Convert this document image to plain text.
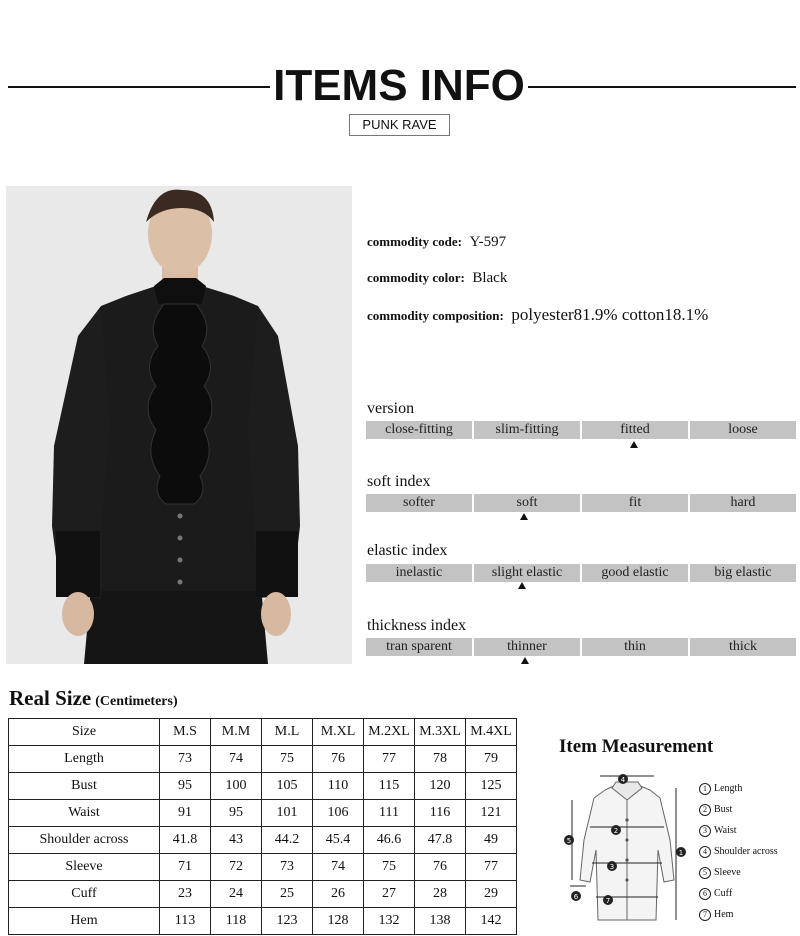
ITEMS INFO
PUNK RAVE
commodity code: Y-597
commodity color: Black
commodity composition: polyester81.9% cotton18.1%
version
close-fitting	slim-fitting	fitted	loose
soft index
softer	soft	fit	hard
elastic index
inelastic	slight elastic	good elastic	big elastic
thickness index
tran sparent	thinner	thin	thick
Real Size (Centimeters)
Size	M.S	M.M	M.L	M.XL	M.2XL	M.3XL	M.4XL
Length	73	74	75	76	77	78	79
Bust	95	100	105	110	115	120	125
Waist	91	95	101	106	111	116	121
Shoulder across	41.8	43	44.2	45.4	46.6	47.8	49
Sleeve	71	72	73	74	75	76	77
Cuff	23	24	25	26	27	28	29
Hem	113	118	123	128	132	138	142
Item Measurement
4
2
3
7
5
1
6
1 Length
2 Bust
3 Waist
4 Shoulder across
5 Sleeve
6 Cuff
7 Hem
